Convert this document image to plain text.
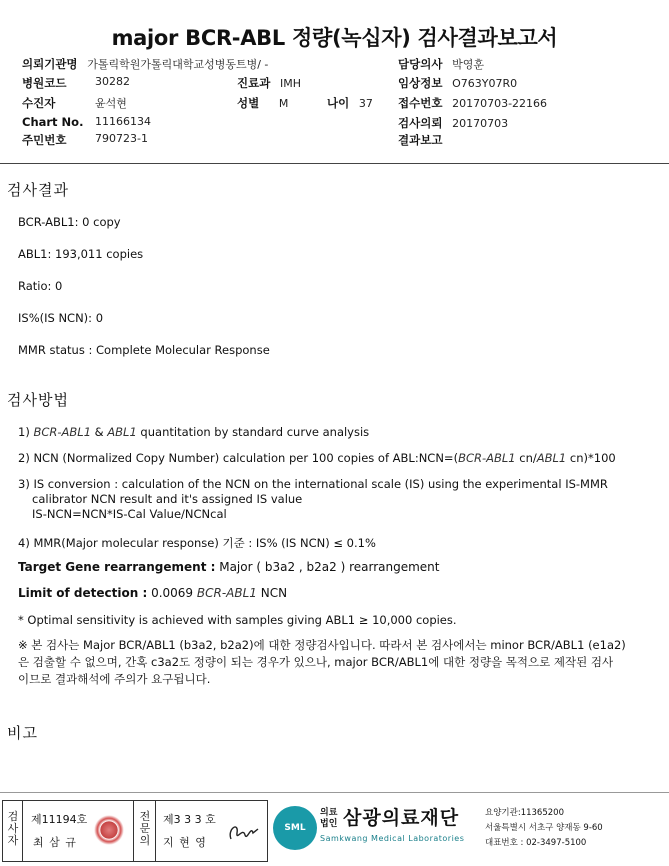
major BCR-ABL 정량(녹십자) 검사결과보고서
의뢰기관명 가톨릭학원가톨릭대학교성병동트병/ -	담당의사 박영훈
병원코드	30282	진료과 IMH	임상정보 O763Y07R0
수진자	윤석현	성별 M	나이 37 접수번호 20170703-22166
Chart No. 11166134	검사의뢰 20170703
주민번호	790723-1	결과보고
검사결과
BCR-ABL1: 0 copy
ABL1: 193,011 copies
Ratio: 0
IS%(IS NCN): 0
MMR status : Complete Molecular Response
검사방법
1) BCR-ABL1 & ABL1 quantitation by standard curve analysis
2) NCN (Normalized Copy Number) calculation per 100 copies of ABL:NCN=(BCR-ABL1 cn/ABL1 cn)*100
3) IS conversion : calculation of the NCN on the international scale (IS) using the experimental IS-MMR
calibrator NCN result and it's assigned IS value
IS-NCN=NCN*IS-Cal Value/NCNcal
4) MMR(Major molecular response) 기준 : IS% (IS NCN) ≤ 0.1%
Target Gene rearrangement : Major ( b3a2 , b2a2 ) rearrangement
Limit of detection : 0.0069 BCR-ABL1 NCN
* Optimal sensitivity is achieved with samples giving ABL1 ≥ 10,000 copies.
※ 본 검사는 Major BCR/ABL1 (b3a2, b2a2)에 대한 정량검사입니다. 따라서 본 검사에서는 minor BCR/ABL1 (e1a2)
은 검출할 수 없으며, 간혹 c3a2도 정량이 되는 경우가 있으나, major BCR/ABL1에 대한 정량을 목적으로 제작된 검사
이므로 결과해석에 주의가 요구됩니다.
비고
검사자
제11194호
최 삼 규
전문의
제3 3 3 호
지 현 영
SML
의료
법인 삼광의료재단
Samkwang Medical Laboratories
요양기관:11365200
서울특별시 서초구 양재동 9-60
대표번호 : 02-3497-5100
